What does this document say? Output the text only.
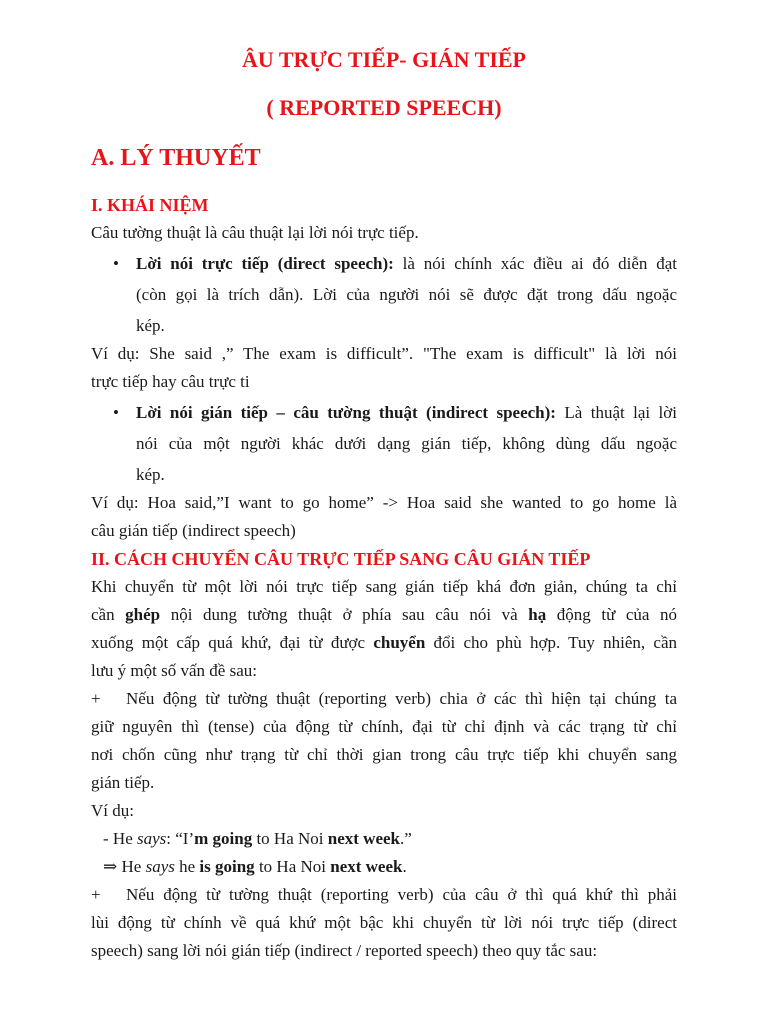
ÂU TRỰC TIẾP- GIÁN TIẾP
( REPORTED SPEECH)
A. LÝ THUYẾT
I. KHÁI NIỆM
Câu tường thuật là câu thuật lại lời nói trực tiếp.
• Lời nói trực tiếp (direct speech): là nói chính xác điều ai đó diễn đạt
(còn gọi là trích dẫn). Lời của người nói sẽ được đặt trong dấu ngoặc
kép.
Ví dụ: She said ,” The exam is difficult”. "The exam is difficult" là lời nói
trực tiếp hay câu trực ti
• Lời nói gián tiếp – câu tường thuật (indirect speech): Là thuật lại lời
nói của một người khác dưới dạng gián tiếp, không dùng dấu ngoặc
kép.
Ví dụ: Hoa said,”I want to go home” -> Hoa said she wanted to go home là
câu gián tiếp (indirect speech)
II. CÁCH CHUYỂN CÂU TRỰC TIẾP SANG CÂU GIÁN TIẾP
Khi chuyển từ một lời nói trực tiếp sang gián tiếp khá đơn giản, chúng ta chỉ
cần ghép nội dung tường thuật ở phía sau câu nói và hạ động từ của nó
xuống một cấp quá khứ, đại từ được chuyển đổi cho phù hợp. Tuy nhiên, cần
lưu ý một số vấn đề sau:
+	Nếu động từ tường thuật (reporting verb) chia ở các thì hiện tại chúng ta
giữ nguyên thì (tense) của động từ chính, đại từ chỉ định và các trạng từ chỉ
nơi chốn cũng như trạng từ chỉ thời gian trong câu trực tiếp khi chuyển sang
gián tiếp.
Ví dụ:
- He says: “I’m going to Ha Noi next week.”
⇒ He says he is going to Ha Noi next week.
+	Nếu động từ tường thuật (reporting verb) của câu ở thì quá khứ thì phải
lùi động từ chính về quá khứ một bậc khi chuyển từ lời nói trực tiếp (direct
speech) sang lời nói gián tiếp (indirect / reported speech) theo quy tắc sau:
